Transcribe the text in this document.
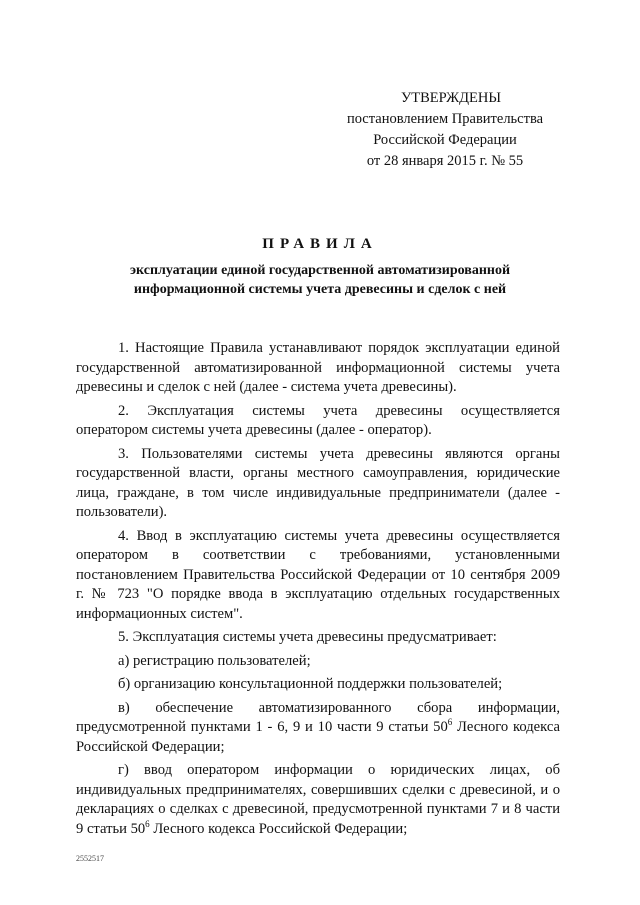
УТВЕРЖДЕНЫ
постановлением Правительства
Российской Федерации
от 28 января 2015 г. № 55
ПРАВИЛА
эксплуатации единой государственной автоматизированной
информационной системы учета древесины и сделок с ней

1. Настоящие Правила устанавливают порядок эксплуатации единой государственной автоматизированной информационной системы учета древесины и сделок с ней (далее - система учета древесины).

2. Эксплуатация системы учета древесины осуществляется оператором системы учета древесины (далее - оператор).

3. Пользователями системы учета древесины являются органы государственной власти, органы местного самоуправления, юридические лица, граждане, в том числе индивидуальные предприниматели (далее - пользователи).

4. Ввод в эксплуатацию системы учета древесины осуществляется оператором в соответствии с требованиями, установленными постановлением Правительства Российской Федерации от 10 сентября 2009 г. № 723 "О порядке ввода в эксплуатацию отдельных государственных информационных систем".

5. Эксплуатация системы учета древесины предусматривает:

а) регистрацию пользователей;

б) организацию консультационной поддержки пользователей;

в) обеспечение автоматизированного сбора информации, предусмотренной пунктами 1 - 6, 9 и 10 части 9 статьи $50^6$ Лесного кодекса Российской Федерации;

г) ввод оператором информации о юридических лицах, об индивидуальных предпринимателях, совершивших сделки с древесиной, и о декларациях о сделках с древесиной, предусмотренной пунктами 7 и 8 части 9 статьи $50^6$ Лесного кодекса Российской Федерации;

2552517
